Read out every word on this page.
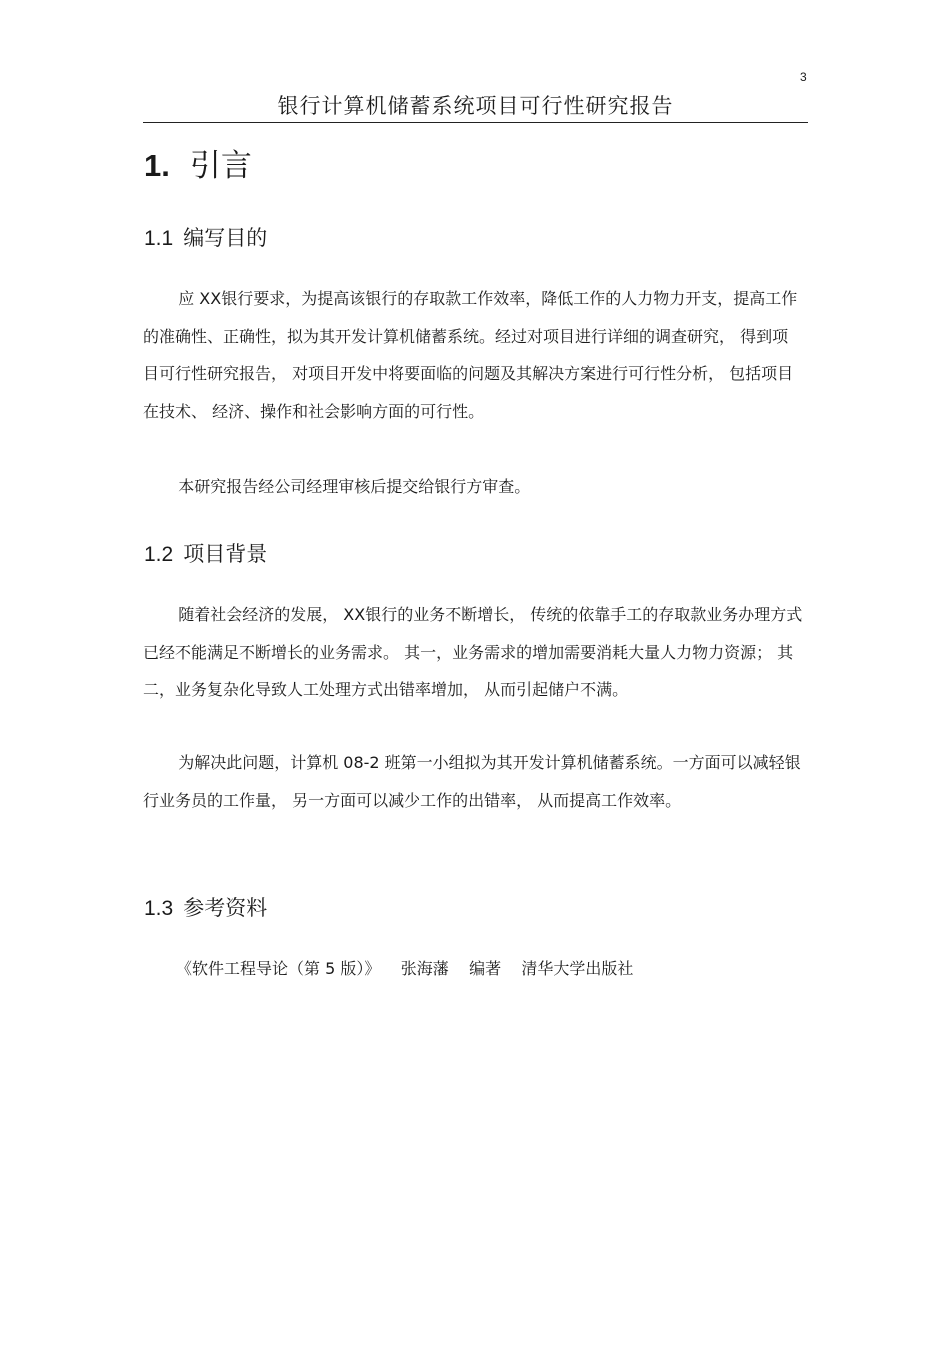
3
银行计算机储蓄系统项目可行性研究报告
1. 引言
1.1 编写目的

应 XX银行要求，为提高该银行的存取款工作效率，降低工作的人力物力开支，提高工作的准确性、正确性，拟为其开发计算机储蓄系统。经过对项目进行详细的调查研究， 得到项目可行性研究报告， 对项目开发中将要面临的问题及其解决方案进行可行性分析， 包括项目在技术、 经济、操作和社会影响方面的可行性。

本研究报告经公司经理审核后提交给银行方审查。

1.2 项目背景

随着社会经济的发展， XX银行的业务不断增长， 传统的依靠手工的存取款业务办理方式已经不能满足不断增长的业务需求。 其一，业务需求的增加需要消耗大量人力物力资源； 其二，业务复杂化导致人工处理方式出错率增加， 从而引起储户不满。

为解决此问题，计算机 08-2 班第一小组拟为其开发计算机储蓄系统。一方面可以减轻银行业务员的工作量， 另一方面可以减少工作的出错率， 从而提高工作效率。

1.3 参考资料
《软件工程导论（第 5 版）》 张海藩 编著 清华大学出版社
